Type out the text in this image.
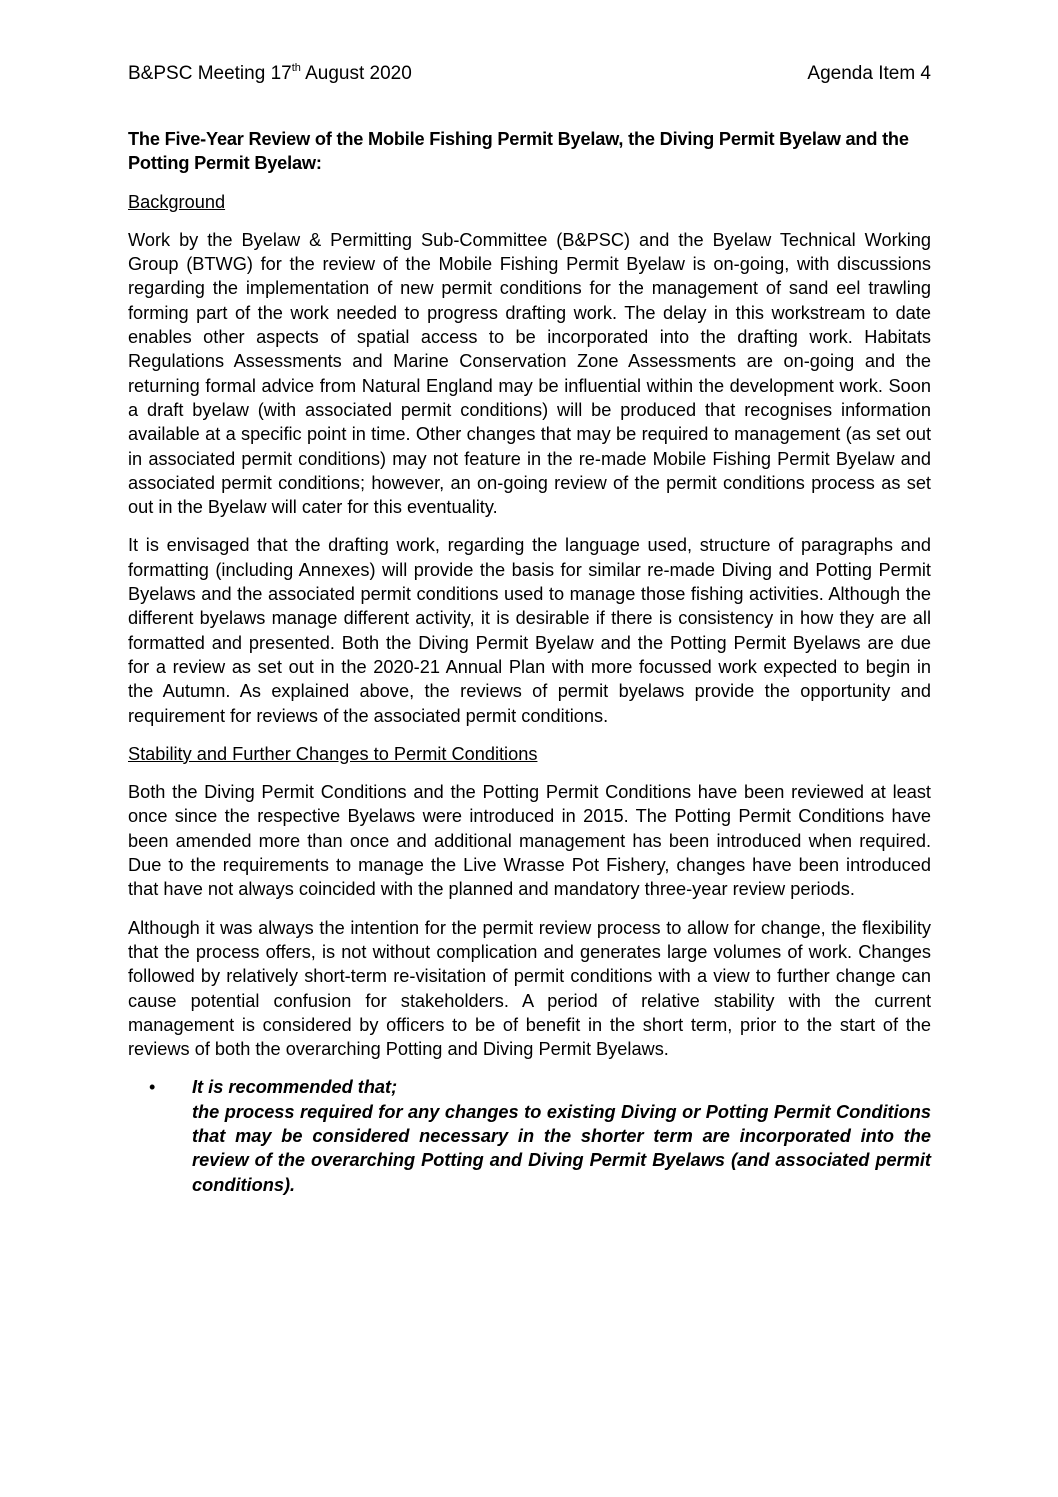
B&PSC Meeting 17th August 2020	Agenda Item 4
The Five-Year Review of the Mobile Fishing Permit Byelaw, the Diving Permit Byelaw and the Potting Permit Byelaw:
Background

Work by the Byelaw & Permitting Sub-Committee (B&PSC) and the Byelaw Technical Working Group (BTWG) for the review of the Mobile Fishing Permit Byelaw is on-going, with discussions regarding the implementation of new permit conditions for the management of sand eel trawling forming part of the work needed to progress drafting work. The delay in this workstream to date enables other aspects of spatial access to be incorporated into the drafting work. Habitats Regulations Assessments and Marine Conservation Zone Assessments are on-going and the returning formal advice from Natural England may be influential within the development work. Soon a draft byelaw (with associated permit conditions) will be produced that recognises information available at a specific point in time. Other changes that may be required to management (as set out in associated permit conditions) may not feature in the re-made Mobile Fishing Permit Byelaw and associated permit conditions; however, an on-going review of the permit conditions process as set out in the Byelaw will cater for this eventuality.

It is envisaged that the drafting work, regarding the language used, structure of paragraphs and formatting (including Annexes) will provide the basis for similar re-made Diving and Potting Permit Byelaws and the associated permit conditions used to manage those fishing activities. Although the different byelaws manage different activity, it is desirable if there is consistency in how they are all formatted and presented. Both the Diving Permit Byelaw and the Potting Permit Byelaws are due for a review as set out in the 2020-21 Annual Plan with more focussed work expected to begin in the Autumn. As explained above, the reviews of permit byelaws provide the opportunity and requirement for reviews of the associated permit conditions.

Stability and Further Changes to Permit Conditions

Both the Diving Permit Conditions and the Potting Permit Conditions have been reviewed at least once since the respective Byelaws were introduced in 2015. The Potting Permit Conditions have been amended more than once and additional management has been introduced when required. Due to the requirements to manage the Live Wrasse Pot Fishery, changes have been introduced that have not always coincided with the planned and mandatory three-year review periods.

Although it was always the intention for the permit review process to allow for change, the flexibility that the process offers, is not without complication and generates large volumes of work. Changes followed by relatively short-term re-visitation of permit conditions with a view to further change can cause potential confusion for stakeholders. A period of relative stability with the current management is considered by officers to be of benefit in the short term, prior to the start of the reviews of both the overarching Potting and Diving Permit Byelaws.

• It is recommended that;
the process required for any changes to existing Diving or Potting Permit Conditions that may be considered necessary in the shorter term are incorporated into the review of the overarching Potting and Diving Permit Byelaws (and associated permit conditions).
